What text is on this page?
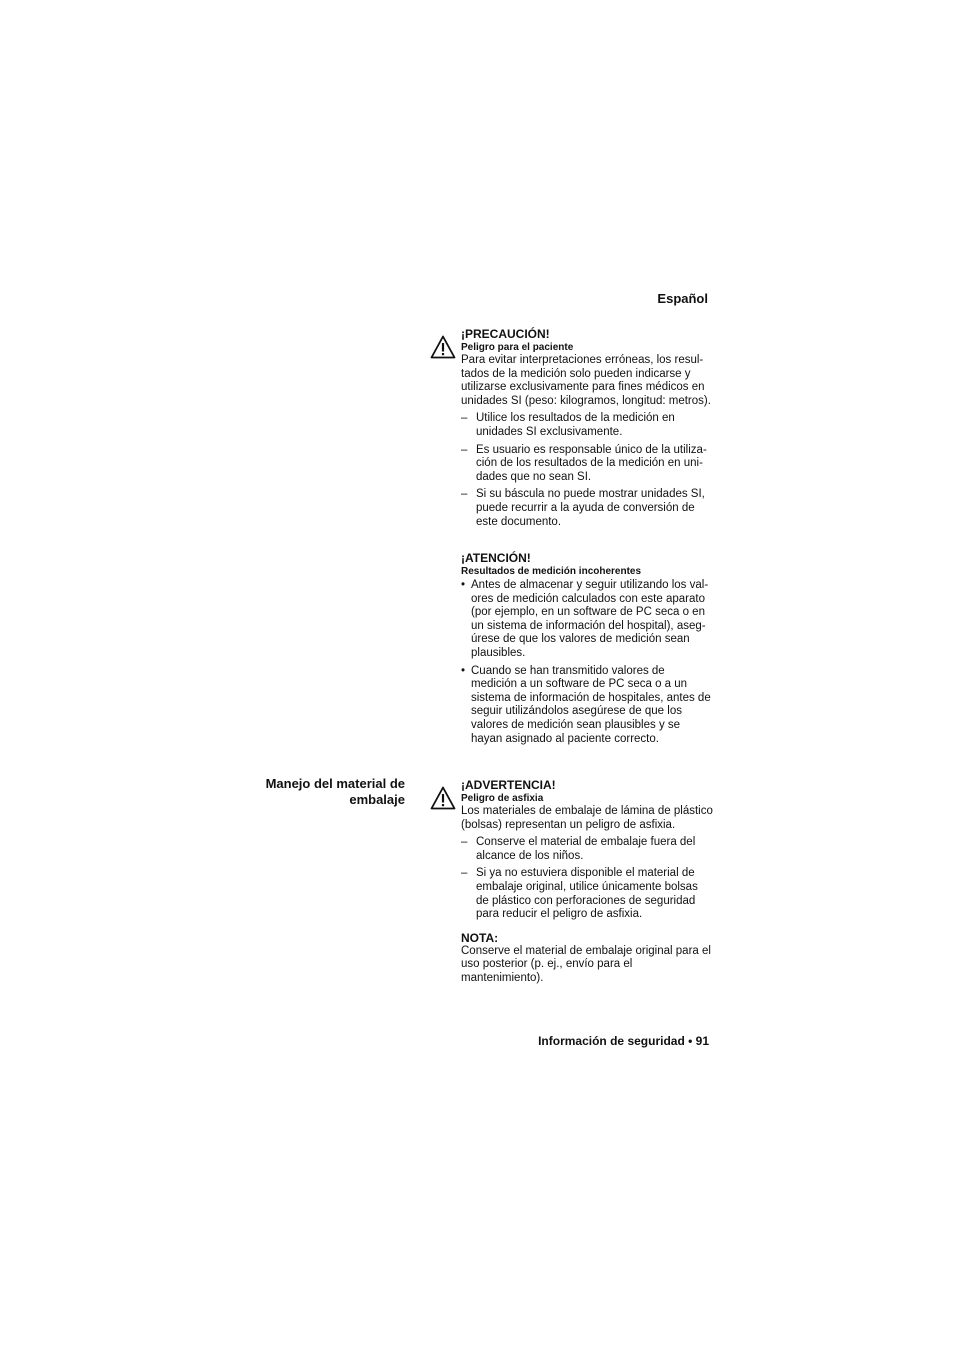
Español
¡PRECAUCIÓN!
Peligro para el paciente

Para evitar interpretaciones erróneas, los resul-tados de la medición solo pueden indicarse y utilizarse exclusivamente para fines médicos en unidades SI (peso: kilogramos, longitud: metros).

– Utilice los resultados de la medición en unidades SI exclusivamente.
– Es usuario es responsable único de la utiliza-ción de los resultados de la medición en uni-dades que no sean SI.
– Si su báscula no puede mostrar unidades SI, puede recurrir a la ayuda de conversión de este documento.
¡ATENCIÓN!
Resultados de medición incoherentes
• Antes de almacenar y seguir utilizando los val-ores de medición calculados con este aparato (por ejemplo, en un software de PC seca o en un sistema de información del hospital), aseg-úrese de que los valores de medición sean plausibles.
• Cuando se han transmitido valores de medición a un software de PC seca o a un sistema de información de hospitales, antes de seguir utilizándolos asegúrese de que los valores de medición sean plausibles y se hayan asignado al paciente correcto.
Manejo del material de embalaje
¡ADVERTENCIA!
Peligro de asfixia

Los materiales de embalaje de lámina de plástico (bolsas) representan un peligro de asfixia.

– Conserve el material de embalaje fuera del alcance de los niños.
– Si ya no estuviera disponible el material de embalaje original, utilice únicamente bolsas de plástico con perforaciones de seguridad para reducir el peligro de asfixia.
NOTA:

Conserve el material de embalaje original para el uso posterior (p. ej., envío para el mantenimiento).

Información de seguridad • 91
